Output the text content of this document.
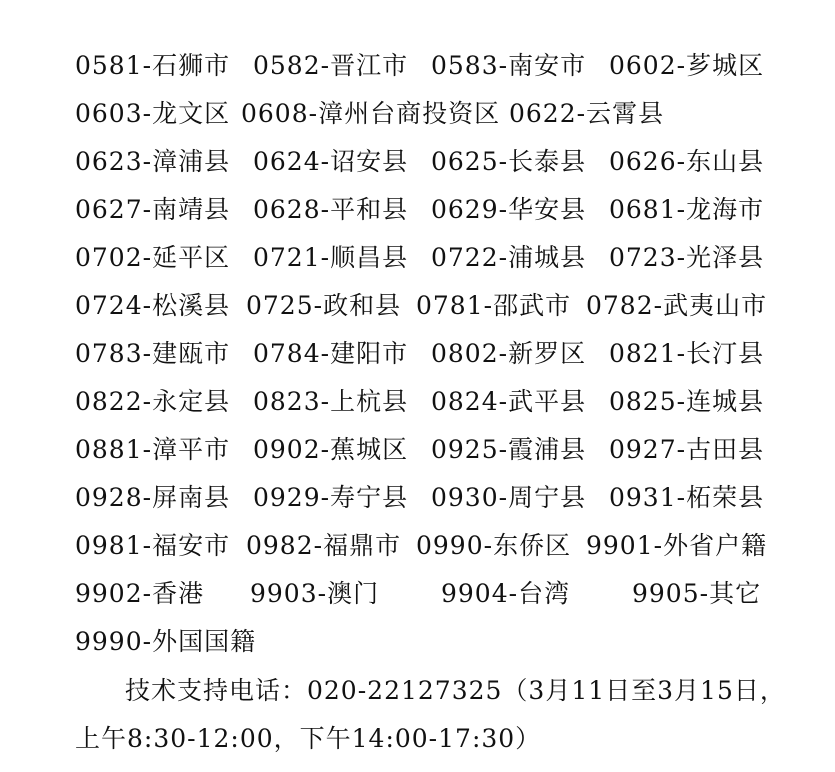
0581-石狮市 0582-晋江市 0583-南安市 0602-芗城区
0603-龙文区 0608-漳州台商投资区 0622-云霄县
0623-漳浦县 0624-诏安县 0625-长泰县 0626-东山县
0627-南靖县 0628-平和县 0629-华安县 0681-龙海市
0702-延平区 0721-顺昌县 0722-浦城县 0723-光泽县
0724-松溪县 0725-政和县 0781-邵武市 0782-武夷山市
0783-建瓯市 0784-建阳市 0802-新罗区 0821-长汀县
0822-永定县 0823-上杭县 0824-武平县 0825-连城县
0881-漳平市 0902-蕉城区 0925-霞浦县 0927-古田县
0928-屏南县 0929-寿宁县 0930-周宁县 0931-柘荣县
0981-福安市 0982-福鼎市 0990-东侨区 9901-外省户籍
9902-香港 9903-澳门 9904-台湾 9905-其它
9990-外国国籍
技术支持电话：020-22127325（3月11日至3月15日，
上午8:30-12:00，下午14:00-17:30）
